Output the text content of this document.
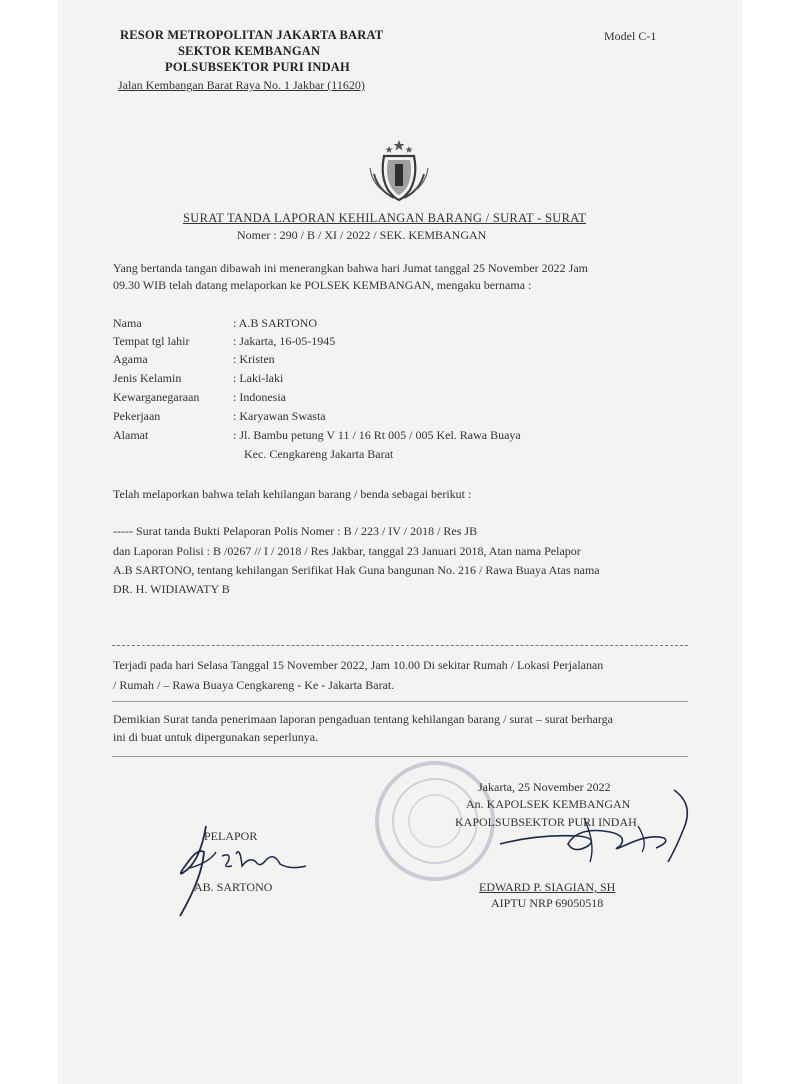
RESOR METROPOLITAN JAKARTA BARAT
SEKTOR KEMBANGAN
POLSUBSEKTOR PURI INDAH
Jalan Kembangan Barat Raya No. 1 Jakbar (11620)
Model C-1
SURAT TANDA LAPORAN KEHILANGAN BARANG / SURAT - SURAT
Nomer : 290 / B / XI / 2022 / SEK. KEMBANGAN
Yang bertanda tangan dibawah ini menerangkan bahwa hari Jumat tanggal 25 November 2022 Jam
09.30 WIB telah datang melaporkan ke POLSEK KEMBANGAN, mengaku bernama :
Nama	: A.B SARTONO
Tempat tgl lahir	: Jakarta, 16-05-1945
Agama	: Kristen
Jenis Kelamin	: Laki-laki
Kewarganegaraan	: Indonesia
Pekerjaan	: Karyawan Swasta
Alamat	: Jl. Bambu petung V 11 / 16 Rt 005 / 005 Kel. Rawa Buaya
Kec. Cengkareng Jakarta Barat
Telah melaporkan bahwa telah kehilangan barang / benda sebagai berikut :
----- Surat tanda Bukti Pelaporan Polis Nomer : B / 223 / IV / 2018 / Res JB
dan Laporan Polisi : B /0267 // I / 2018 / Res Jakbar, tanggal 23 Januari 2018, Atan nama Pelapor
A.B SARTONO, tentang kehilangan Serifikat Hak Guna bangunan No. 216 / Rawa Buaya Atas nama
DR. H. WIDIAWATY B
Terjadi pada hari Selasa Tanggal 15 November 2022, Jam 10.00 Di sekitar Rumah / Lokasi Perjalanan
/ Rumah / – Rawa Buaya Cengkareng - Ke - Jakarta Barat.
Demikian Surat tanda penerimaan laporan pengaduan tentang kehilangan barang / surat – surat berharga
ini di buat untuk dipergunakan seperlunya.
Jakarta, 25 November 2022
An. KAPOLSEK KEMBANGAN
KAPOLSUBSEKTOR PURI INDAH
EDWARD P. SIAGIAN, SH
AIPTU NRP 69050518
PELAPOR
AB. SARTONO
